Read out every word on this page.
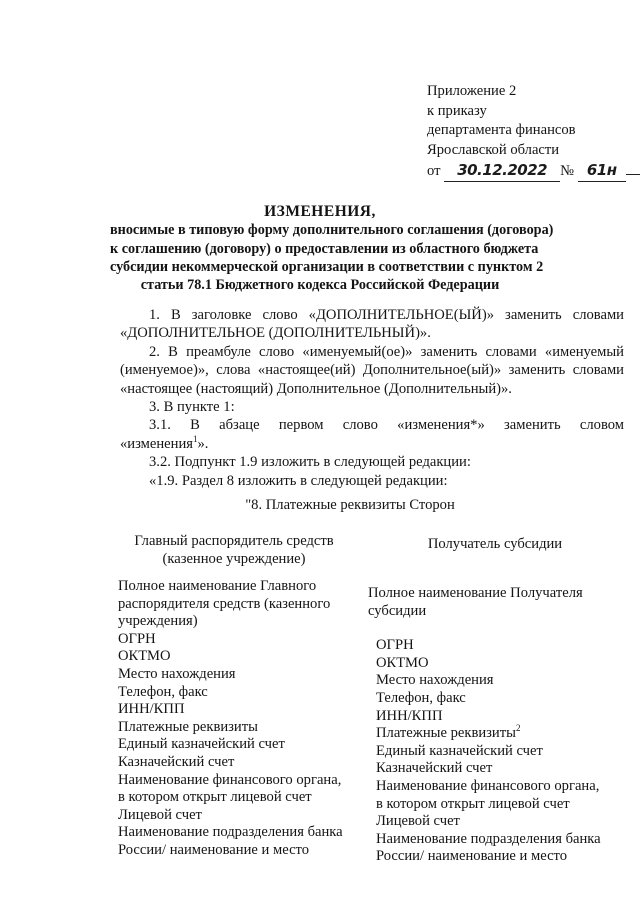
Приложение 2
к приказу
департамента финансов
Ярославской области
от 30.12.2022 № 61н
ИЗМЕНЕНИЯ,
вносимые в типовую форму дополнительного соглашения (договора)
к соглашению (договору) о предоставлении из областного бюджета
субсидии некоммерческой организации в соответствии с пунктом 2
статьи 78.1 Бюджетного кодекса Российской Федерации

1. В заголовке слово «ДОПОЛНИТЕЛЬНОЕ(ЫЙ)» заменить словами «ДОПОЛНИТЕЛЬНОЕ (ДОПОЛНИТЕЛЬНЫЙ)».

2. В преамбуле слово «именуемый(ое)» заменить словами «именуемый (именуемое)», слова «настоящее(ий) Дополнительное(ый)» заменить словами «настоящее (настоящий) Дополнительное (Дополнительный)».

3. В пункте 1:

3.1. В абзаце первом слово «изменения*» заменить словом

«изменения$^1$».

3.2. Подпункт 1.9 изложить в следующей редакции:

«1.9. Раздел 8 изложить в следующей редакции:

"8. Платежные реквизиты Сторон
Главный распорядитель средств
(казенное учреждение)
Получатель субсидии
Полное наименование Главного
распорядителя средств (казенного
учреждения)
ОГРН
ОКТМО
Место нахождения
Телефон, факс
ИНН/КПП
Платежные реквизиты
Единый казначейский счет
Казначейский счет
Наименование финансового органа,
в котором открыт лицевой счет
Лицевой счет
Наименование подразделения банка
России/ наименование и место
Полное наименование Получателя
субсидии
ОГРН
ОКТМО
Место нахождения
Телефон, факс
ИНН/КПП
Платежные реквизиты$^2$
Единый казначейский счет
Казначейский счет
Наименование финансового органа,
в котором открыт лицевой счет
Лицевой счет
Наименование подразделения банка
России/ наименование и место
